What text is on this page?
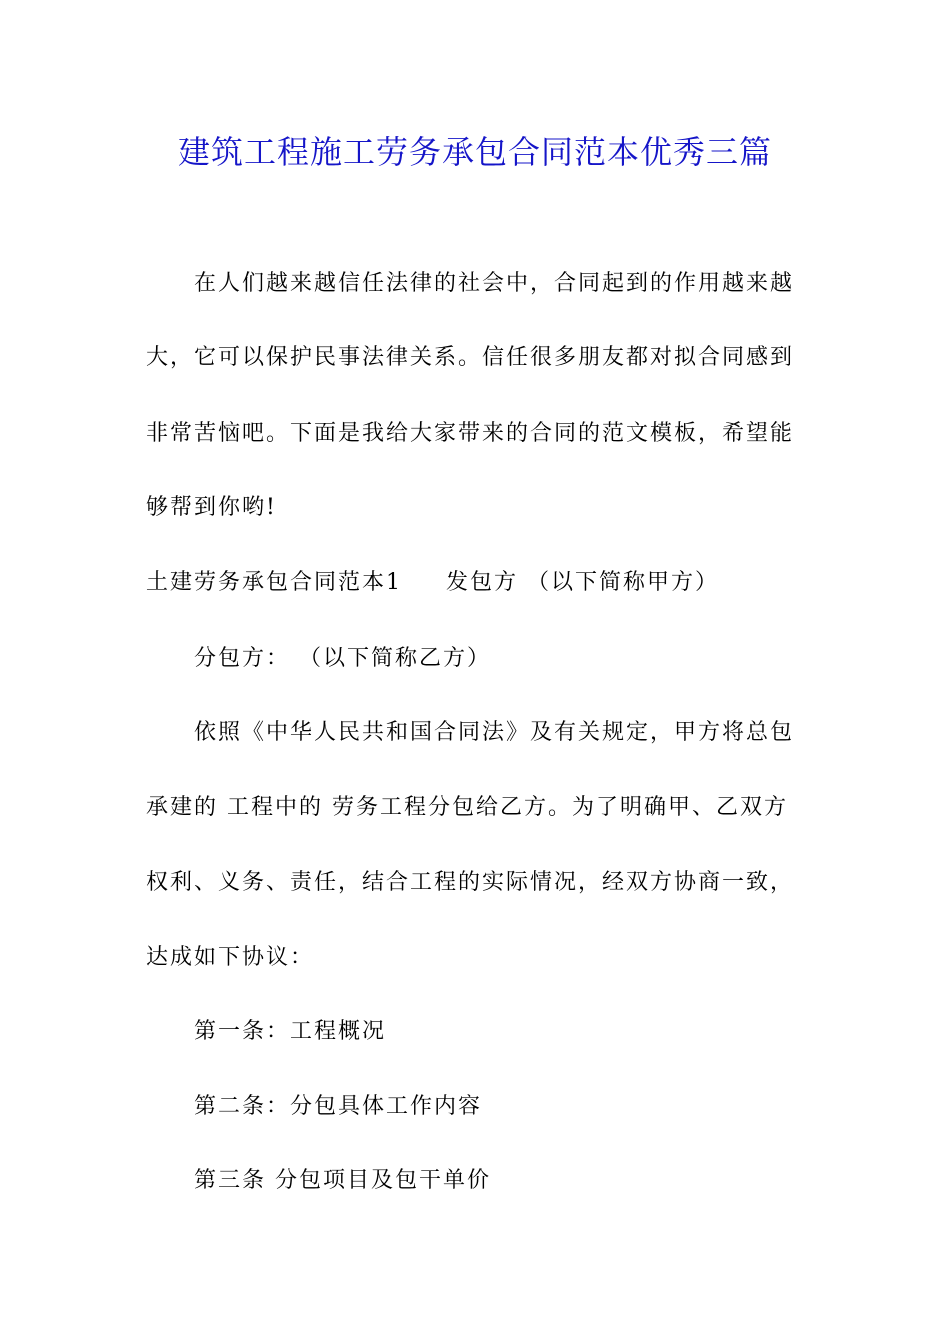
建筑工程施工劳务承包合同范本优秀三篇

在人们越来越信任法律的社会中，合同起到的作用越来越

大，它可以保护民事法律关系。信任很多朋友都对拟合同感到

非常苦恼吧。下面是我给大家带来的合同的范文模板，希望能

够帮到你哟!

土建劳务承包合同范本1 发包方 （以下简称甲方）

分包方： （以下简称乙方）

依照《中华人民共和国合同法》及有关规定，甲方将总包

承建的 工程中的 劳务工程分包给乙方。为了明确甲、乙双方

权利、义务、责任，结合工程的实际情况，经双方协商一致，

达成如下协议：

第一条：工程概况

第二条：分包具体工作内容

第三条 分包项目及包干单价
